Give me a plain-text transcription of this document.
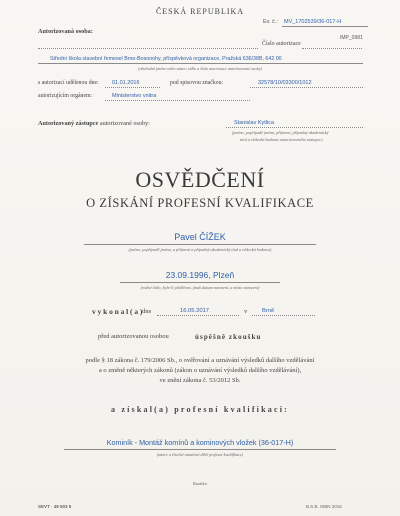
ČESKÁ REPUBLIKA
Ev. č.: MV_1702539/36-017-H
IMP_0981
Autorizovaná osoba:
Číslo autorizace
Střední škola stavební řemesel Brno-Bosonohy, příspěvková organizace, Pražská 636/38B, 642 00
(obchodní jméno nebo název, sídlo a číslo autorizace autorizované osoby)
s autorizací udělenou dne: 01.01.2016	pod spisovou značkou:	32578/10/03300/1012
autorizujícím orgánem:	Ministerstvo vnitra
Autorizovaný zástupce autorizované osoby:	Stanislav Kytlica
(jméno, popřípadě jména, příjmení, případný akademický
titul a vědecká hodnost autorizovaného zástupce)
OSVĚDČENÍ
O ZÍSKÁNÍ PROFESNÍ KVALIFIKACE
Pavel ČÍŽEK
(jméno, popřípadě jména, a příjmení a případný akademický titul a vědecká hodnost)
23.09.1996, Plzeň
(rodné číslo, bylo-li přiděleno, jinak datum narození, a místo narození)
vykonal(a)
dne	16.05.2017	v	Brně
před autorizovanou osobou	úspěšně zkoušku
podle § 18 zákona č. 179/2006 Sb., o ověřování a uznávání výsledků dalšího vzdělávání
a o změně některých zákonů (zákon o uznávání výsledků dalšího vzdělávání),
ve znění zákona č. 53/2012 Sb.
a získal(a) profesní kvalifikaci:
Kominík - Montáž komínů a kominových vložek (36-017-H)
(název a číselné označení dílčí profesní kvalifikace)
Razítko
SEVT · 49 503 5	B.S.B. ISBN 2016
